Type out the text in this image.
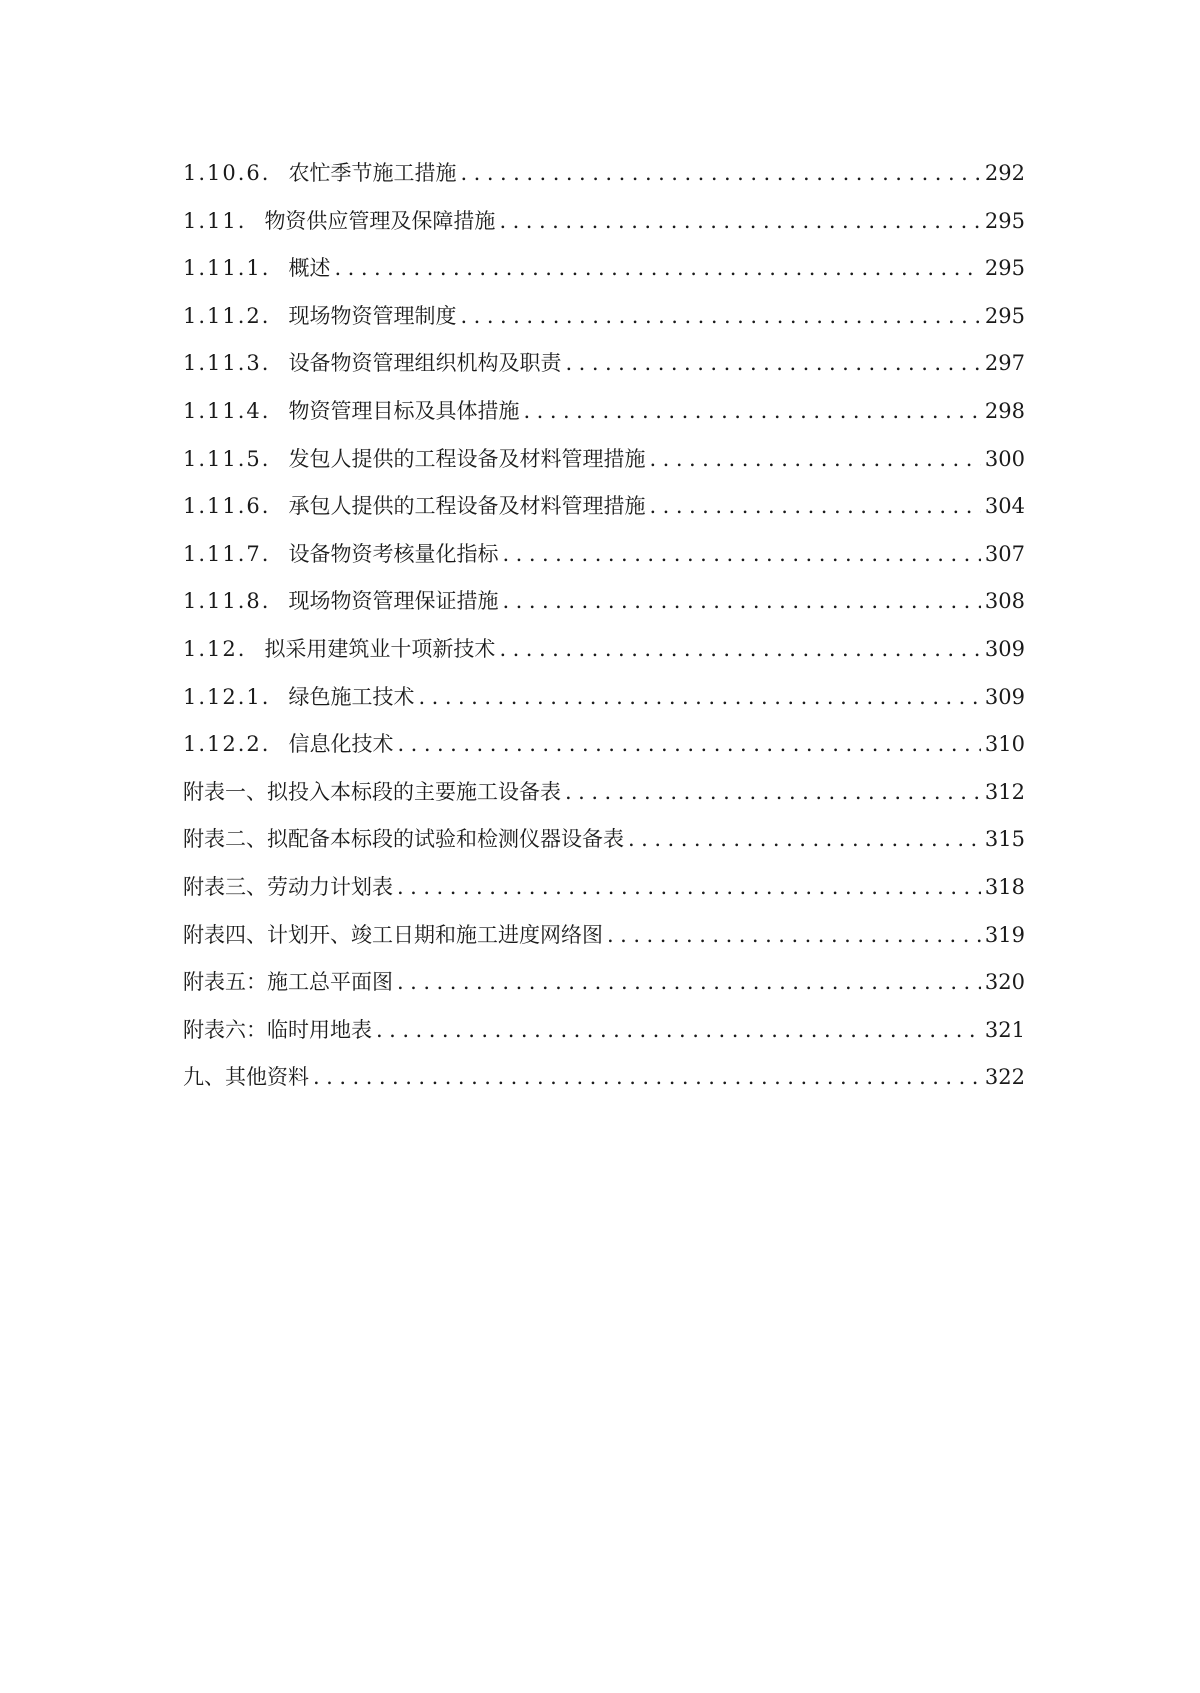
1.10.6. 农忙季节施工措施 .....	292
1.11. 物资供应管理及保障措施 .....	295
1.11.1. 概述 .....	295
1.11.2. 现场物资管理制度 .....	295
1.11.3. 设备物资管理组织机构及职责 .....	297
1.11.4. 物资管理目标及具体措施 .....	298
1.11.5. 发包人提供的工程设备及材料管理措施 .....	300
1.11.6. 承包人提供的工程设备及材料管理措施 .....	304
1.11.7. 设备物资考核量化指标 .....	307
1.11.8. 现场物资管理保证措施 .....	308
1.12. 拟采用建筑业十项新技术 .....	309
1.12.1. 绿色施工技术 .....	309
1.12.2. 信息化技术 .....	310
附表一、拟投入本标段的主要施工设备表 .....	312
附表二、拟配备本标段的试验和检测仪器设备表 .....	315
附表三、劳动力计划表 .....	318
附表四、计划开、竣工日期和施工进度网络图 .....	319
附表五：施工总平面图 .....	320
附表六：临时用地表 .....	321
九、其他资料 .....	322
